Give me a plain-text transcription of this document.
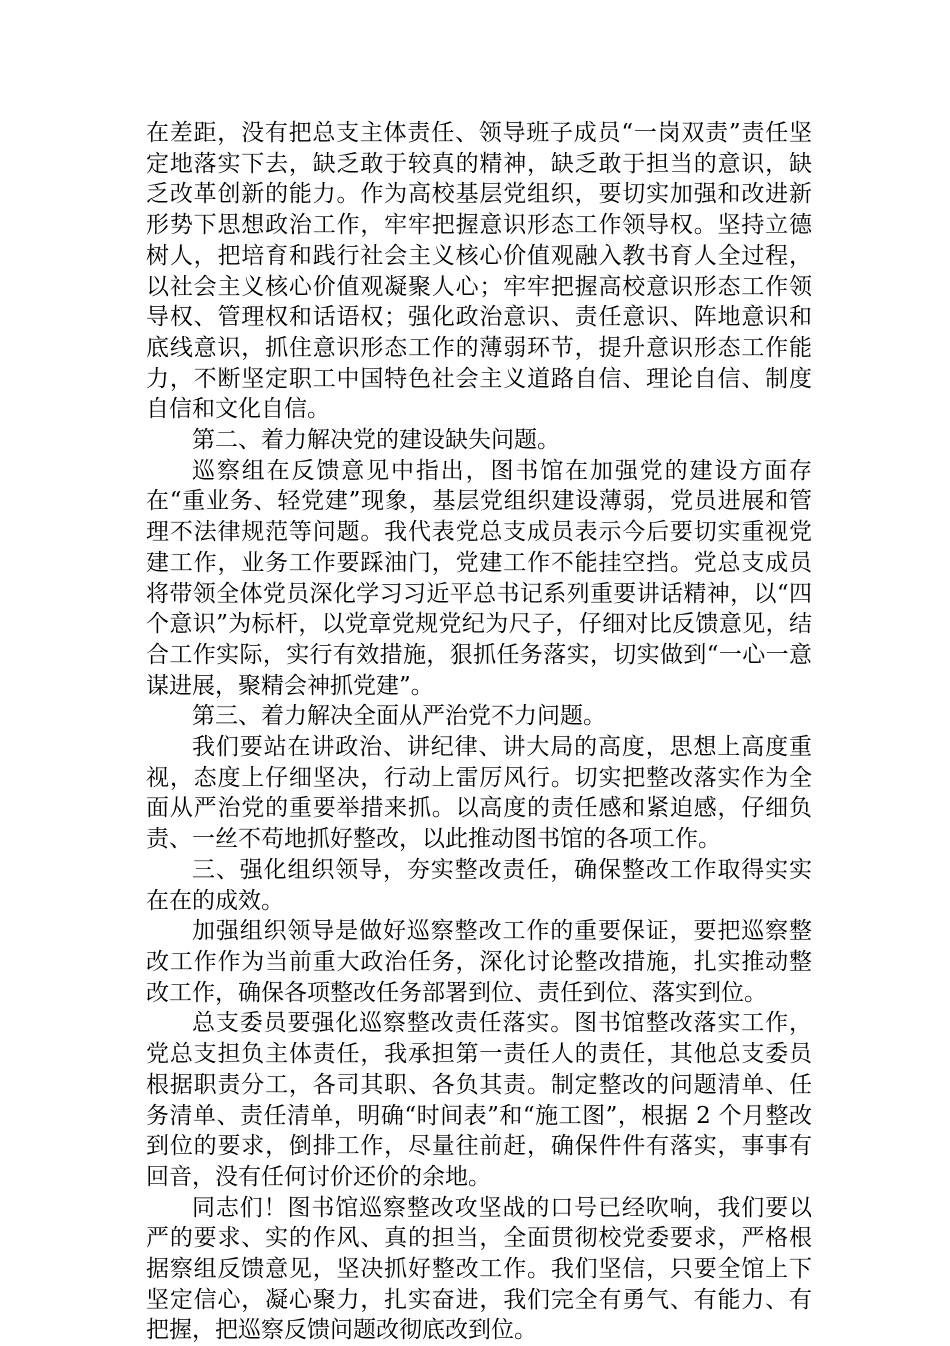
在差距，没有把总支主体责任、领导班子成员“一岗双责”责任坚定地落实下去，缺乏敢于较真的精神，缺乏敢于担当的意识，缺乏改革创新的能力。作为高校基层党组织，要切实加强和改进新形势下思想政治工作，牢牢把握意识形态工作领导权。坚持立德树人，把培育和践行社会主义核心价值观融入教书育人全过程，以社会主义核心价值观凝聚人心；牢牢把握高校意识形态工作领导权、管理权和话语权；强化政治意识、责任意识、阵地意识和底线意识，抓住意识形态工作的薄弱环节，提升意识形态工作能力，不断坚定职工中国特色社会主义道路自信、理论自信、制度自信和文化自信。

第二、着力解决党的建设缺失问题。

巡察组在反馈意见中指出，图书馆在加强党的建设方面存在“重业务、轻党建”现象，基层党组织建设薄弱，党员进展和管理不法律规范等问题。我代表党总支成员表示今后要切实重视党建工作，业务工作要踩油门，党建工作不能挂空挡。党总支成员将带领全体党员深化学习习近平总书记系列重要讲话精神，以“四个意识”为标杆，以党章党规党纪为尺子，仔细对比反馈意见，结合工作实际，实行有效措施，狠抓任务落实，切实做到“一心一意谋进展，聚精会神抓党建”。

第三、着力解决全面从严治党不力问题。

我们要站在讲政治、讲纪律、讲大局的高度，思想上高度重视，态度上仔细坚决，行动上雷厉风行。切实把整改落实作为全面从严治党的重要举措来抓。以高度的责任感和紧迫感，仔细负责、一丝不苟地抓好整改，以此推动图书馆的各项工作。

三、强化组织领导，夯实整改责任，确保整改工作取得实实在在的成效。

加强组织领导是做好巡察整改工作的重要保证，要把巡察整改工作作为当前重大政治任务，深化讨论整改措施，扎实推动整改工作，确保各项整改任务部署到位、责任到位、落实到位。

总支委员要强化巡察整改责任落实。图书馆整改落实工作，党总支担负主体责任，我承担第一责任人的责任，其他总支委员根据职责分工，各司其职、各负其责。制定整改的问题清单、任务清单、责任清单，明确“时间表”和“施工图”，根据 2 个月整改到位的要求，倒排工作，尽量往前赶，确保件件有落实，事事有回音，没有任何讨价还价的余地。

同志们！图书馆巡察整改攻坚战的口号已经吹响，我们要以严的要求、实的作风、真的担当，全面贯彻校党委要求，严格根据察组反馈意见，坚决抓好整改工作。我们坚信，只要全馆上下坚定信心，凝心聚力，扎实奋进，我们完全有勇气、有能力、有把握，把巡察反馈问题改彻底改到位。
